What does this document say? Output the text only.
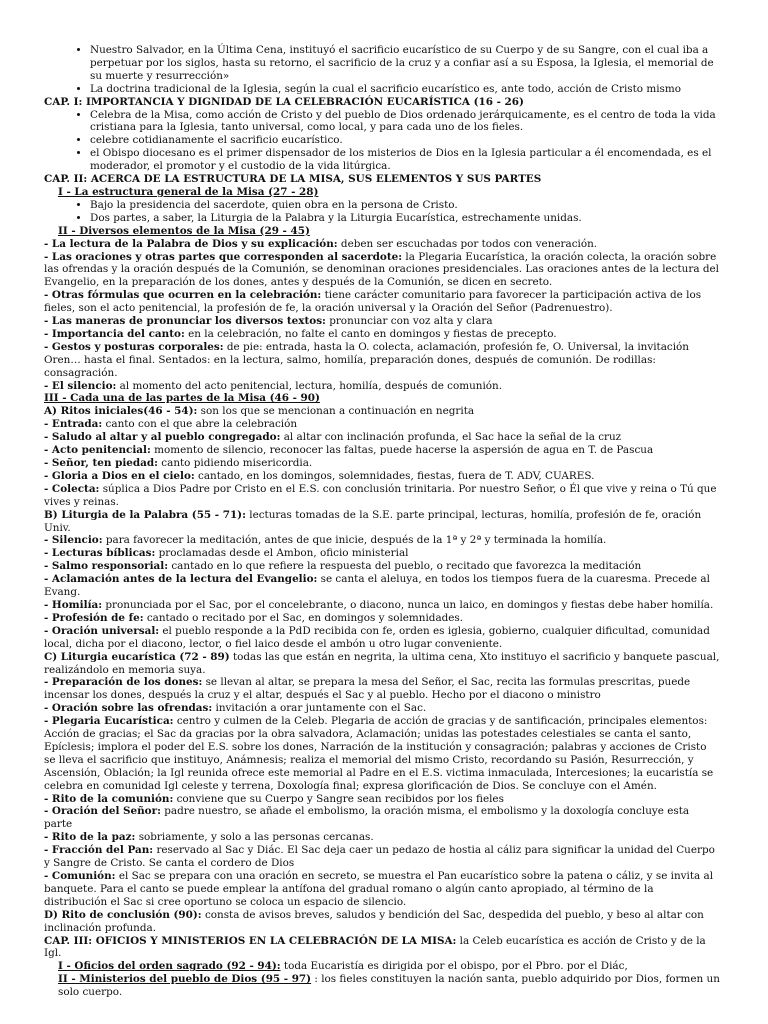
• Nuestro Salvador, en la Última Cena, instituyó el sacrificio eucarístico de su Cuerpo y de su Sangre, con el cual iba a perpetuar por los siglos, hasta su retorno, el sacrificio de la cruz y a confiar así a su Esposa, la Iglesia, el memorial de su muerte y resurrección»
• La doctrina tradicional de la Iglesia, según la cual el sacrificio eucarístico es, ante todo, acción de Cristo mismo

CAP. I: IMPORTANCIA Y DIGNIDAD DE LA CELEBRACIÓN EUCARÍSTICA (16 - 26)

• Celebra de la Misa, como acción de Cristo y del pueblo de Dios ordenado jerárquicamente, es el centro de toda la vida cristiana para la Iglesia, tanto universal, como local, y para cada uno de los fieles.
• celebre cotidianamente el sacrificio eucarístico.
• el Obispo diocesano es el primer dispensador de los misterios de Dios en la Iglesia particular a él encomendada, es el moderador, el promotor y el custodio de la vida litúrgica.

CAP. II: ACERCA DE LA ESTRUCTURA DE LA MISA, SUS ELEMENTOS Y SUS PARTES

I - La estructura general de la Misa (27 - 28)

• Bajo la presidencia del sacerdote, quien obra en la persona de Cristo.
• Dos partes, a saber, la Liturgia de la Palabra y la Liturgia Eucarística, estrechamente unidas.

II - Diversos elementos de la Misa (29 - 45)

- La lectura de la Palabra de Dios y su explicación: deben ser escuchadas por todos con veneración.

- Las oraciones y otras partes que corresponden al sacerdote: la Plegaria Eucarística, la oración colecta, la oración sobre las ofrendas y la oración después de la Comunión, se denominan oraciones presidenciales. Las oraciones antes de la lectura del Evangelio, en la preparación de los dones, antes y después de la Comunión, se dicen en secreto.

- Otras fórmulas que ocurren en la celebración: tiene carácter comunitario para favorecer la participación activa de los fieles, son el acto penitencial, la profesión de fe, la oración universal y la Oración del Señor (Padrenuestro).

- Las maneras de pronunciar los diversos textos: pronunciar con voz alta y clara

- Importancia del canto: en la celebración, no falte el canto en domingos y fiestas de precepto.

- Gestos y posturas corporales: de pie: entrada, hasta la O. colecta, aclamación, profesión fe, O. Universal, la invitación Oren… hasta el final. Sentados: en la lectura, salmo, homilía, preparación dones, después de comunión. De rodillas: consagración.

- El silencio: al momento del acto penitencial, lectura, homilía, después de comunión.

III - Cada una de las partes de la Misa (46 - 90)

A) Ritos iniciales(46 - 54): son los que se mencionan a continuación en negrita

- Entrada: canto con el que abre la celebración

- Saludo al altar y al pueblo congregado: al altar con inclinación profunda, el Sac hace la señal de la cruz

- Acto penitencial: momento de silencio, reconocer las faltas, puede hacerse la aspersión de agua en T. de Pascua

- Señor, ten piedad: canto pidiendo misericordia.

- Gloria a Dios en el cielo: cantado, en los domingos, solemnidades, fiestas, fuera de T. ADV, CUARES.

- Colecta: súplica a Dios Padre por Cristo en el E.S. con conclusión trinitaria. Por nuestro Señor, o Él que vive y reina o Tú que vives y reinas.

B) Liturgia de la Palabra (55 - 71): lecturas tomadas de la S.E. parte principal, lecturas, homilía, profesión de fe, oración Univ.

- Silencio: para favorecer la meditación, antes de que inicie, después de la 1ª y 2ª y terminada la homilía.

- Lecturas bíblicas: proclamadas desde el Ambon, oficio ministerial

- Salmo responsorial: cantado en lo que refiere la respuesta del pueblo, o recitado que favorezca la meditación

- Aclamación antes de la lectura del Evangelio: se canta el aleluya, en todos los tiempos fuera de la cuaresma. Precede al Evang.

- Homilía: pronunciada por el Sac, por el concelebrante, o diacono, nunca un laico, en domingos y fiestas debe haber homilía.

- Profesión de fe: cantado o recitado por el Sac, en domingos y solemnidades.

- Oración universal: el pueblo responde a la PdD recibida con fe, orden es iglesia, gobierno, cualquier dificultad, comunidad local, dicha por el diacono, lector, o fiel laico desde el ambón u otro lugar conveniente.

C) Liturgia eucarística (72 - 89) todas las que están en negrita, la ultima cena, Xto instituyo el sacrificio y banquete pascual, realizándolo en memoria suya.

- Preparación de los dones: se llevan al altar, se prepara la mesa del Señor, el Sac, recita las formulas prescritas, puede incensar los dones, después la cruz y el altar, después el Sac y al pueblo. Hecho por el diacono o ministro

- Oración sobre las ofrendas: invitación a orar juntamente con el Sac.

- Plegaria Eucarística: centro y culmen de la Celeb. Plegaria de acción de gracias y de santificación, principales elementos: Acción de gracias; el Sac da gracias por la obra salvadora, Aclamación; unidas las potestades celestiales se canta el santo, Epíclesis; implora el poder del E.S. sobre los dones, Narración de la institución y consagración; palabras y acciones de Cristo se lleva el sacrificio que instituyo, Anámnesis; realiza el memorial del mismo Cristo, recordando su Pasión, Resurrección, y Ascensión, Oblación; la Igl reunida ofrece este memorial al Padre en el E.S. victima inmaculada, Intercesiones; la eucaristía se celebra en comunidad Igl celeste y terrena, Doxología final; expresa glorificación de Dios. Se concluye con el Amén.

- Rito de la comunión: conviene que su Cuerpo y Sangre sean recibidos por los fieles

- Oración del Señor: padre nuestro, se añade el embolismo, la oración misma, el embolismo y la doxología concluye esta parte

- Rito de la paz: sobriamente, y solo a las personas cercanas.

- Fracción del Pan: reservado al Sac y Diác. El Sac deja caer un pedazo de hostia al cáliz para significar la unidad del Cuerpo y Sangre de Cristo. Se canta el cordero de Dios

- Comunión: el Sac se prepara con una oración en secreto, se muestra el Pan eucarístico sobre la patena o cáliz, y se invita al banquete. Para el canto se puede emplear la antífona del gradual romano o algún canto apropiado, al término de la distribución el Sac si cree oportuno se coloca un espacio de silencio.

D) Rito de conclusión (90): consta de avisos breves, saludos y bendición del Sac, despedida del pueblo, y beso al altar con inclinación profunda.

CAP. III: OFICIOS Y MINISTERIOS EN LA CELEBRACIÓN DE LA MISA: la Celeb eucarística es acción de Cristo y de la Igl.

I - Oficios del orden sagrado (92 - 94): toda Eucaristía es dirigida por el obispo, por el Pbro. por el Diác,

II - Ministerios del pueblo de Dios (95 - 97) : los fieles constituyen la nación santa, pueblo adquirido por Dios, formen un solo cuerpo.
